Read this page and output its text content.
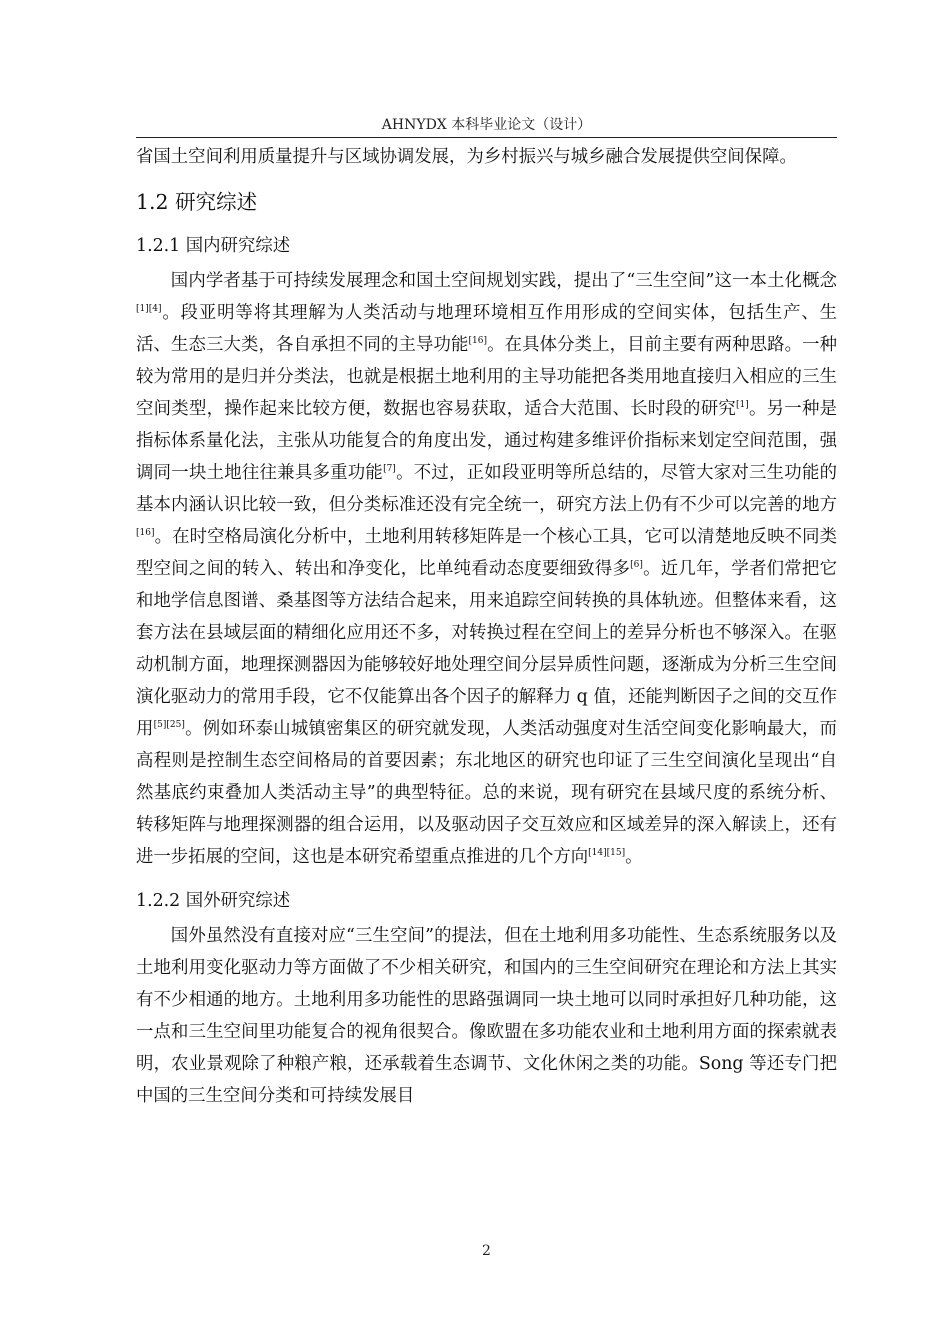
AHNYDX 本科毕业论文（设计）

省国土空间利用质量提升与区域协调发展，为乡村振兴与城乡融合发展提供空间保障。

1.2 研究综述
1.2.1 国内研究综述

国内学者基于可持续发展理念和国土空间规划实践，提出了“三生空间”这一本土化概念[1][4]。段亚明等将其理解为人类活动与地理环境相互作用形成的空间实体，包括生产、生活、生态三大类，各自承担不同的主导功能[16]。在具体分类上，目前主要有两种思路。一种较为常用的是归并分类法，也就是根据土地利用的主导功能把各类用地直接归入相应的三生空间类型，操作起来比较方便，数据也容易获取，适合大范围、长时段的研究[1]。另一种是指标体系量化法，主张从功能复合的角度出发，通过构建多维评价指标来划定空间范围，强调同一块土地往往兼具多重功能[7]。不过，正如段亚明等所总结的，尽管大家对三生功能的基本内涵认识比较一致，但分类标准还没有完全统一，研究方法上仍有不少可以完善的地方[16]。在时空格局演化分析中，土地利用转移矩阵是一个核心工具，它可以清楚地反映不同类型空间之间的转入、转出和净变化，比单纯看动态度要细致得多[6]。近几年，学者们常把它和地学信息图谱、桑基图等方法结合起来，用来追踪空间转换的具体轨迹。但整体来看，这套方法在县域层面的精细化应用还不多，对转换过程在空间上的差异分析也不够深入。在驱动机制方面，地理探测器因为能够较好地处理空间分层异质性问题，逐渐成为分析三生空间演化驱动力的常用手段，它不仅能算出各个因子的解释力 q 值，还能判断因子之间的交互作用[5][25]。例如环泰山城镇密集区的研究就发现，人类活动强度对生活空间变化影响最大，而高程则是控制生态空间格局的首要因素；东北地区的研究也印证了三生空间演化呈现出“自然基底约束叠加人类活动主导”的典型特征。总的来说，现有研究在县域尺度的系统分析、转移矩阵与地理探测器的组合运用，以及驱动因子交互效应和区域差异的深入解读上，还有进一步拓展的空间，这也是本研究希望重点推进的几个方向[14][15]。

1.2.2 国外研究综述

国外虽然没有直接对应“三生空间”的提法，但在土地利用多功能性、生态系统服务以及土地利用变化驱动力等方面做了不少相关研究，和国内的三生空间研究在理论和方法上其实有不少相通的地方。土地利用多功能性的思路强调同一块土地可以同时承担好几种功能，这一点和三生空间里功能复合的视角很契合。像欧盟在多功能农业和土地利用方面的探索就表明，农业景观除了种粮产粮，还承载着生态调节、文化休闲之类的功能。Song 等还专门把中国的三生空间分类和可持续发展目

2
